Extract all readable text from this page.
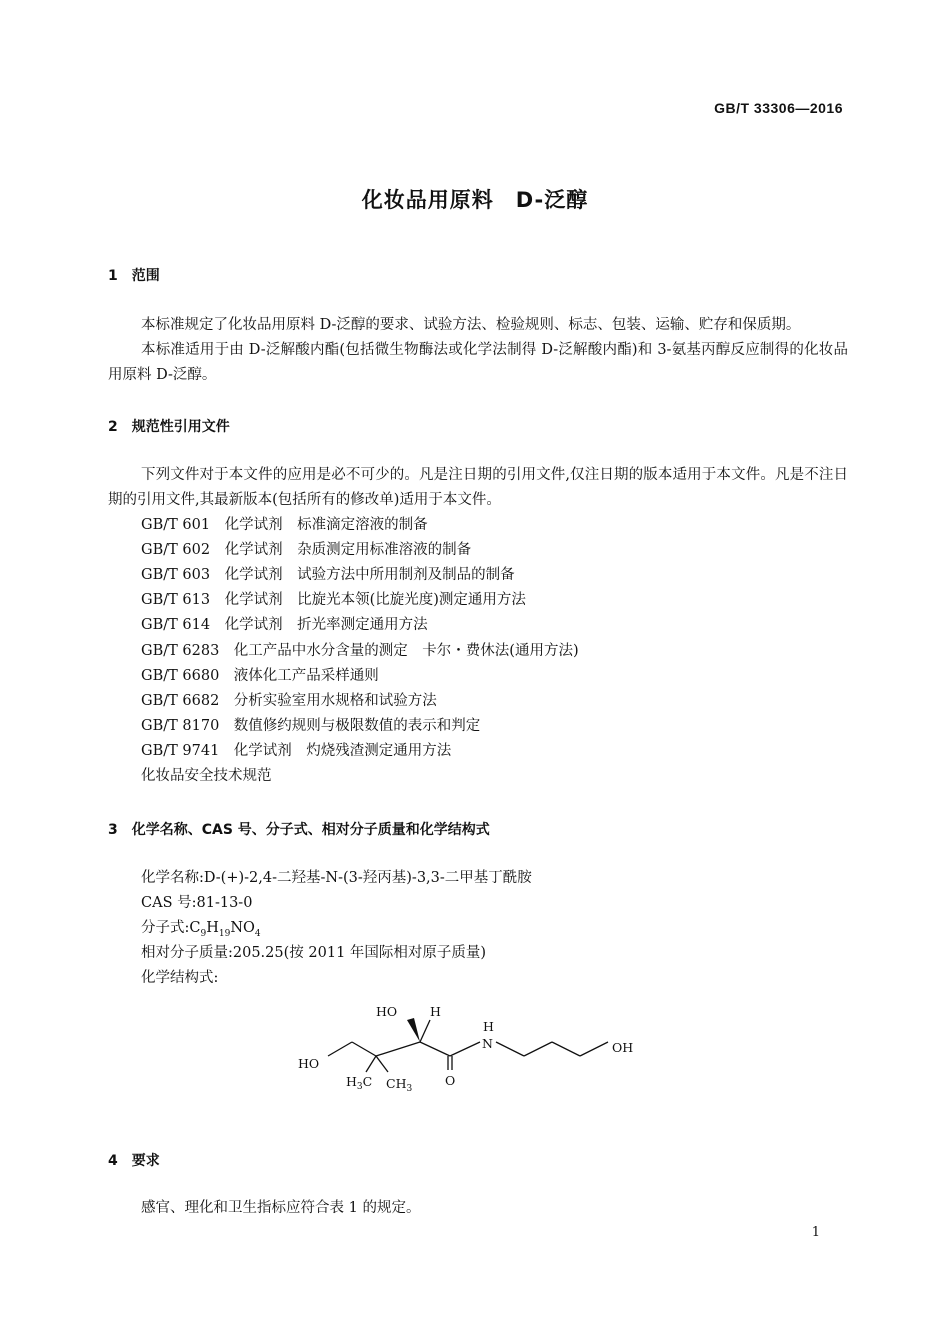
GB/T 33306—2016
化妆品用原料　D-泛醇
1　范围
本标准规定了化妆品用原料 D-泛醇的要求、试验方法、检验规则、标志、包装、运输、贮存和保质期。
本标准适用于由 D-泛解酸内酯(包括微生物酶法或化学法制得 D-泛解酸内酯)和 3-氨基丙醇反应制得的化妆品用原料 D-泛醇。
2　规范性引用文件
下列文件对于本文件的应用是必不可少的。凡是注日期的引用文件,仅注日期的版本适用于本文件。凡是不注日期的引用文件,其最新版本(包括所有的修改单)适用于本文件。
GB/T 601　化学试剂　标准滴定溶液的制备
GB/T 602　化学试剂　杂质测定用标准溶液的制备
GB/T 603　化学试剂　试验方法中所用制剂及制品的制备
GB/T 613　化学试剂　比旋光本领(比旋光度)测定通用方法
GB/T 614　化学试剂　折光率测定通用方法
GB/T 6283　化工产品中水分含量的测定　卡尔・费休法(通用方法)
GB/T 6680　液体化工产品采样通则
GB/T 6682　分析实验室用水规格和试验方法
GB/T 8170　数值修约规则与极限数值的表示和判定
GB/T 9741　化学试剂　灼烧残渣测定通用方法
化妆品安全技术规范
3　化学名称、CAS 号、分子式、相对分子质量和化学结构式
化学名称:D-(+)-2,4-二羟基-N-(3-羟丙基)-3,3-二甲基丁酰胺
CAS 号:81-13-0
分子式$:C_9H_{19}NO_4$
相对分子质量:205.25(按 2011 年国际相对原子质量)
化学结构式:
HO	H
H
N	OH
HO
$H_3C$ $CH_3$
O
4　要求
感官、理化和卫生指标应符合表 1 的规定。
1
